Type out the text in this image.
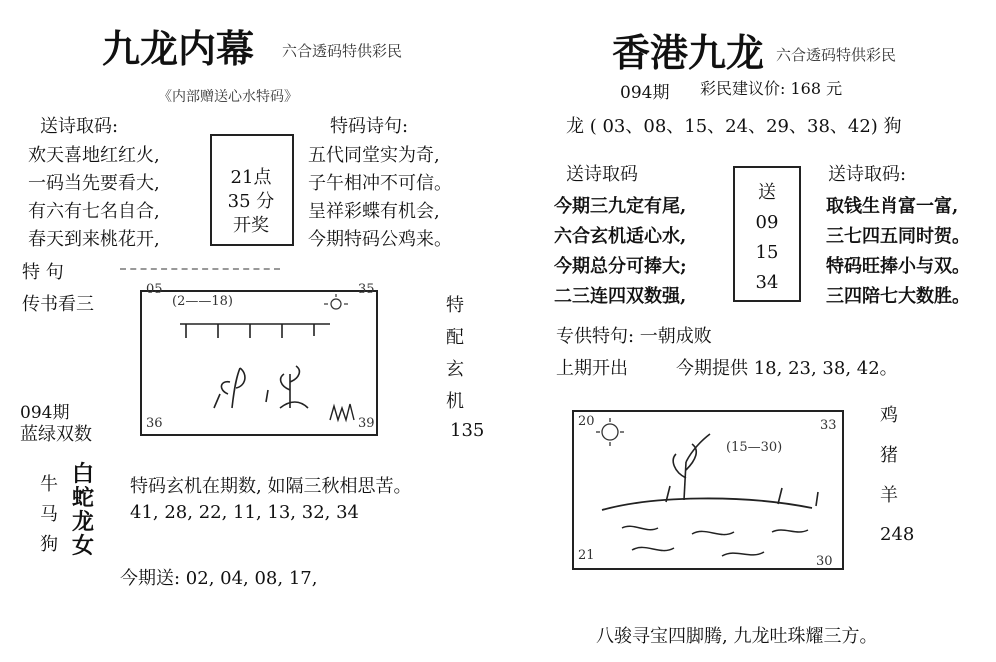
九龙内幕 六合透码特供彩民
《内部赠送心水特码》
送诗取码:
欢天喜地红红火,
一码当先要看大,
有六有七名自合,
春天到来桃花开,
21点
35 分
开奖
特码诗句:
五代同堂实为奇,
子午相冲不可信。
呈祥彩蝶有机会,
今期特码公鸡来。
特 句
传书看三
05	35
36	39
(2——18)
094期
蓝绿双数
特
配
玄
机
135
牛
马
狗
白
蛇
龙
女
特码玄机在期数, 如隔三秋相思苦。
41, 28, 22, 11, 13, 32, 34
今期送: 02, 04, 08, 17,
香港九龙 六合透码特供彩民
094期 彩民建议价: 168 元
龙 ( 03、08、15、24、29、38、42) 狗
送诗取码
今期三九定有尾,
六合玄机适心水,
今期总分可捧大;
二三连四双数强,
送
09
15
34
送诗取码:
取钱生肖富一富,
三七四五同时贺。
特码旺捧小与双。
三四陪七大数胜。
专供特句: 一朝成败
上期开出	今期提供 18, 23, 38, 42。
20	33
21	30
(15—30)
鸡
猪
羊
248
八骏寻宝四脚腾, 九龙吐珠耀三方。
